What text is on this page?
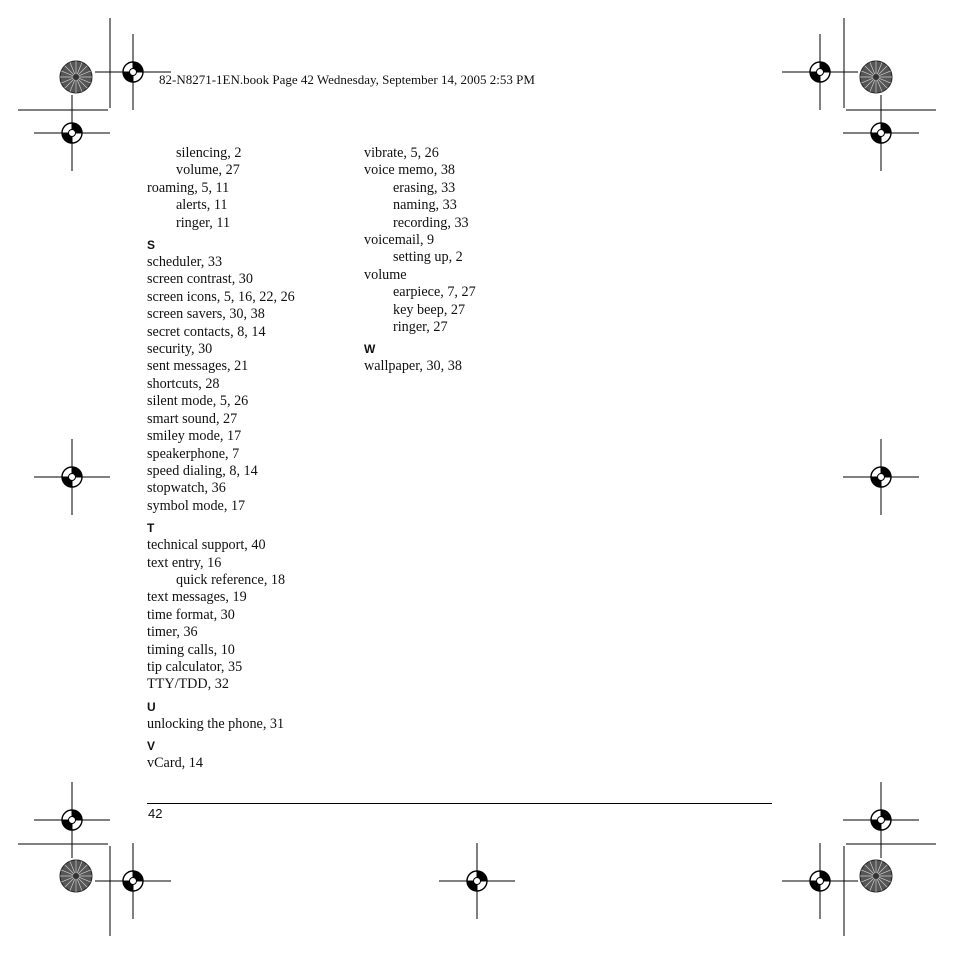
82-N8271-1EN.book Page 42 Wednesday, September 14, 2005 2:53 PM
silencing, 2
volume, 27
roaming, 5, 11
alerts, 11
ringer, 11
S
scheduler, 33
screen contrast, 30
screen icons, 5, 16, 22, 26
screen savers, 30, 38
secret contacts, 8, 14
security, 30
sent messages, 21
shortcuts, 28
silent mode, 5, 26
smart sound, 27
smiley mode, 17
speakerphone, 7
speed dialing, 8, 14
stopwatch, 36
symbol mode, 17
T
technical support, 40
text entry, 16
quick reference, 18
text messages, 19
time format, 30
timer, 36
timing calls, 10
tip calculator, 35
TTY/TDD, 32
U
unlocking the phone, 31
V
vCard, 14
vibrate, 5, 26
voice memo, 38
erasing, 33
naming, 33
recording, 33
voicemail, 9
setting up, 2
volume
earpiece, 7, 27
key beep, 27
ringer, 27
W
wallpaper, 30, 38
42
